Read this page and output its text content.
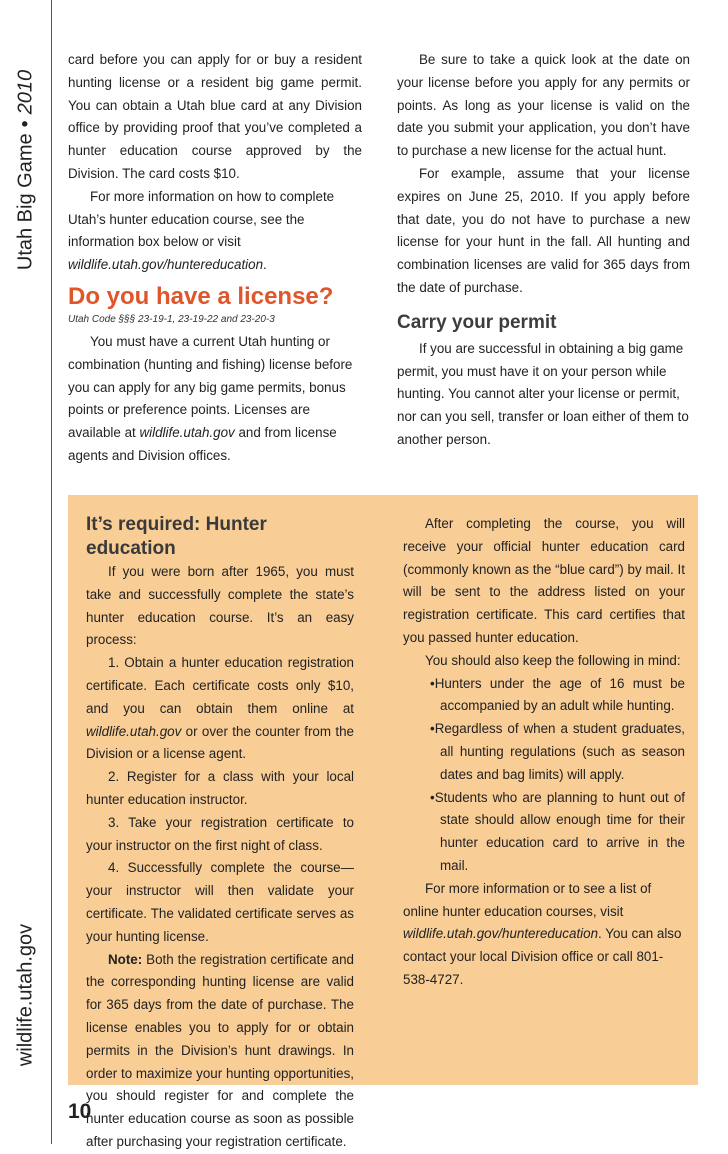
Utah Big Game•2010
wildlife.utah.gov

card before you can apply for or buy a resident hunting license or a resident big game permit. You can obtain a Utah blue card at any Division office by providing proof that you’ve completed a hunter education course approved by the Division. The card costs $10.

For more information on how to complete Utah’s hunter education course, see the information box below or visit wildlife.utah.gov/huntereducation.

Do you have a license?
Utah Code §§§ 23-19-1, 23-19-22 and 23-20-3

You must have a current Utah hunting or combination (hunting and fishing) license before you can apply for any big game permits, bonus points or preference points. Licenses are available at wildlife.utah.gov and from license agents and Division offices.

Be sure to take a quick look at the date on your license before you apply for any permits or points. As long as your license is valid on the date you submit your application, you don’t have to purchase a new license for the actual hunt.

For example, assume that your license expires on June 25, 2010. If you apply before that date, you do not have to purchase a new license for your hunt in the fall. All hunting and combination licenses are valid for 365 days from the date of purchase.

Carry your permit

If you are successful in obtaining a big game permit, you must have it on your person while hunting. You cannot alter your license or permit, nor can you sell, transfer or loan either of them to another person.

It’s required: Hunter education

If you were born after 1965, you must take and successfully complete the state’s hunter education course. It’s an easy process:

1. Obtain a hunter education registration certificate. Each certificate costs only $10, and you can obtain them online at wildlife.utah.gov or over the counter from the Division or a license agent.

2. Register for a class with your local hunter education instructor.

3. Take your registration certificate to your instructor on the first night of class.

4. Successfully complete the course—your instructor will then validate your certificate. The validated certificate serves as your hunting license.

Note: Both the registration certificate and the corresponding hunting license are valid for 365 days from the date of purchase. The license enables you to apply for or obtain permits in the Division’s hunt drawings. In order to maximize your hunting opportunities, you should register for and complete the hunter education course as soon as possible after purchasing your registration certificate.

After completing the course, you will receive your official hunter education card (commonly known as the “blue card”) by mail. It will be sent to the address listed on your registration certificate. This card certifies that you passed hunter education.

You should also keep the following in mind:

•Hunters under the age of 16 must be accompanied by an adult while hunting.

•Regardless of when a student graduates, all hunting regulations (such as season dates and bag limits) will apply.

•Students who are planning to hunt out of state should allow enough time for their hunter education card to arrive in the mail.

For more information or to see a list of online hunter education courses, visit wildlife.utah.gov/huntereducation. You can also contact your local Division office or call 801-538-4727.

10
